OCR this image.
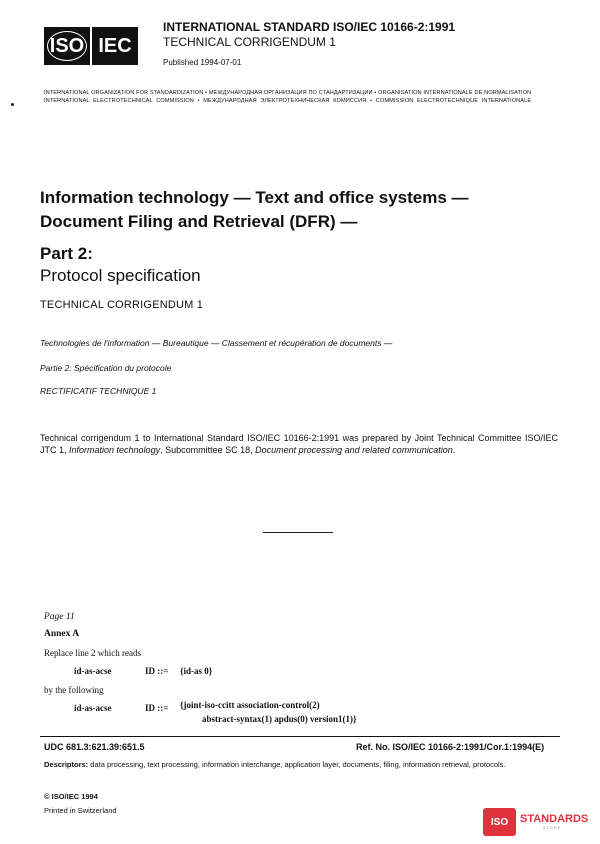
ISO IEC
INTERNATIONAL STANDARD ISO/IEC 10166-2:1991
TECHNICAL CORRIGENDUM 1
Published 1994-07-01
INTERNATIONAL ORGANIZATION FOR STANDARDIZATION • МЕЖДУНАРОДНАЯ ОРГАНИЗАЦИЯ ПО СТАНДАРТИЗАЦИИ • ORGANISATION INTERNATIONALE DE NORMALISATION
INTERNATIONAL ELECTROTECHNICAL COMMISSION • МЕЖДУНАРОДНАЯ ЭЛЕКТРОТЕХНИЧЕСКАЯ КОМИССИЯ • COMMISSION ELECTROTECHNIQUE INTERNATIONALE
Information technology — Text and office systems —
Document Filing and Retrieval (DFR) —
Part 2:
Protocol specification
TECHNICAL CORRIGENDUM 1
Technologies de l'information — Bureautique — Classement et récupération de documents —
Partie 2: Spécification du protocole
RECTIFICATIF TECHNIQUE 1
Technical corrigendum 1 to International Standard ISO/IEC 10166-2:1991 was prepared by Joint Technical Committee ISO/IEC JTC 1, Information technology, Subcommittee SC 18, Document processing and related communication.
Page 11
Annex A
Replace line 2 which reads
id-as-acse	ID ::= {id-as 0}
by the following
id-as-acse	ID ::= {joint-iso-ccitt association-control(2)
abstract-syntax(1) apdus(0) version1(1)}
UDC 681.3:621.39:651.5	Ref. No. ISO/IEC 10166-2:1991/Cor.1:1994(E)
Descriptors: data processing, text processing, information interchange, application layer, documents, filing, information retrieval, protocols.
© ISO/IEC 1994
Printed in Switzerland
ISO	STANDARDS
STORE
